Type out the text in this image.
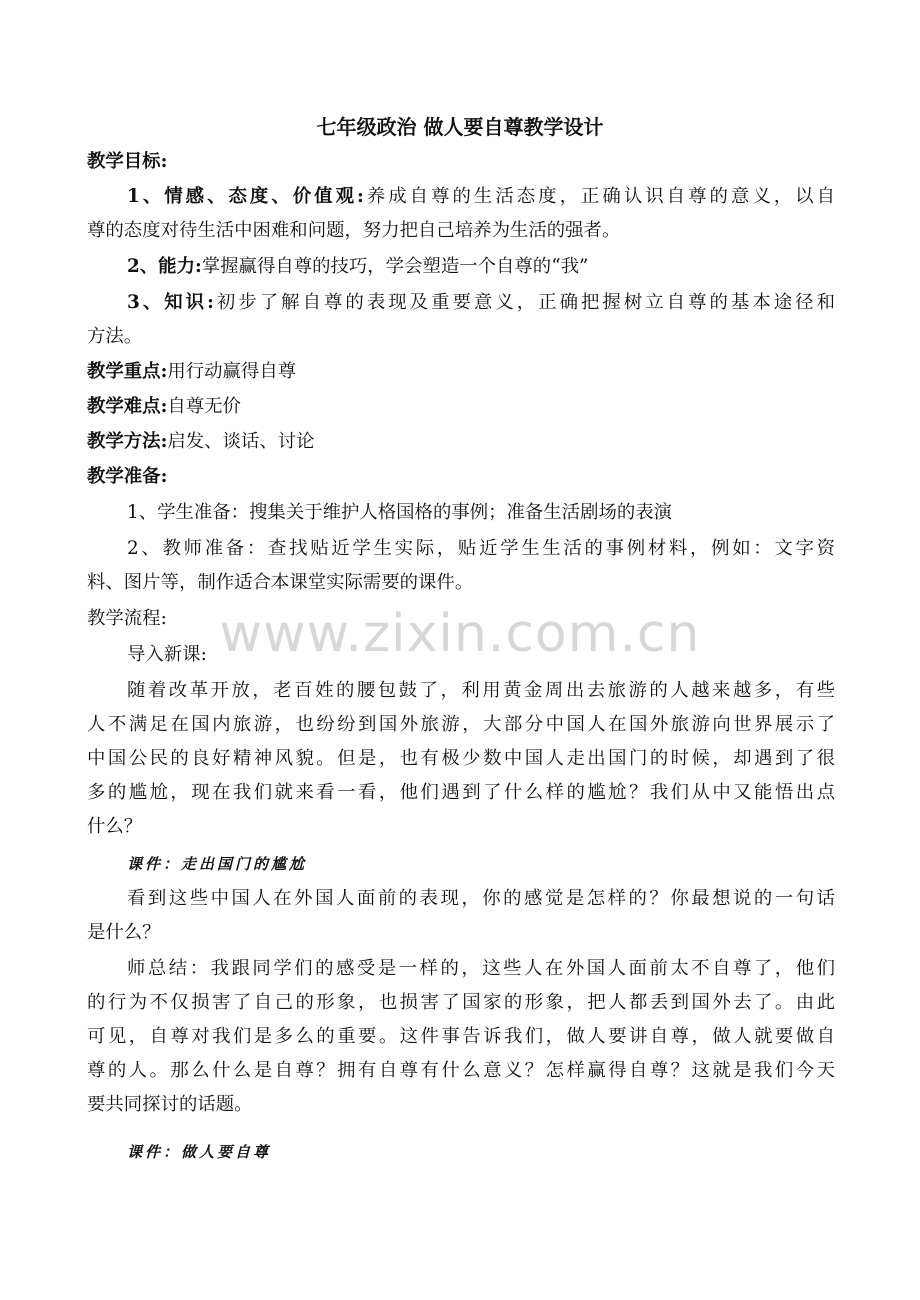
七年级政治 做人要自尊教学设计
教学目标:
1、情感、态度、价值观:养成自尊的生活态度，正确认识自尊的意义，以自
尊的态度对待生活中困难和问题，努力把自己培养为生活的强者。
2、能力:掌握赢得自尊的技巧，学会塑造一个自尊的“我”
3、知识:初步了解自尊的表现及重要意义，正确把握树立自尊的基本途径和
方法。
教学重点:用行动赢得自尊
教学难点:自尊无价
教学方法:启发、谈话、讨论
教学准备:
1、学生准备：搜集关于维护人格国格的事例；准备生活剧场的表演
2、教师准备：查找贴近学生实际，贴近学生生活的事例材料，例如：文字资
料、图片等，制作适合本课堂实际需要的课件。
教学流程:
导入新课:
随着改革开放，老百姓的腰包鼓了，利用黄金周出去旅游的人越来越多，有些
人不满足在国内旅游，也纷纷到国外旅游，大部分中国人在国外旅游向世界展示了
中国公民的良好精神风貌。但是，也有极少数中国人走出国门的时候，却遇到了很
多的尴尬，现在我们就来看一看，他们遇到了什么样的尴尬？我们从中又能悟出点
什么？
课件：走出国门的尴尬
看到这些中国人在外国人面前的表现，你的感觉是怎样的？你最想说的一句话
是什么？
师总结：我跟同学们的感受是一样的，这些人在外国人面前太不自尊了，他们
的行为不仅损害了自己的形象，也损害了国家的形象，把人都丢到国外去了。由此
可见，自尊对我们是多么的重要。这件事告诉我们，做人要讲自尊，做人就要做自
尊的人。那么什么是自尊？拥有自尊有什么意义？怎样赢得自尊？这就是我们今天
要共同探讨的话题。
课件：做人要自尊
www.zixin.com.cn
